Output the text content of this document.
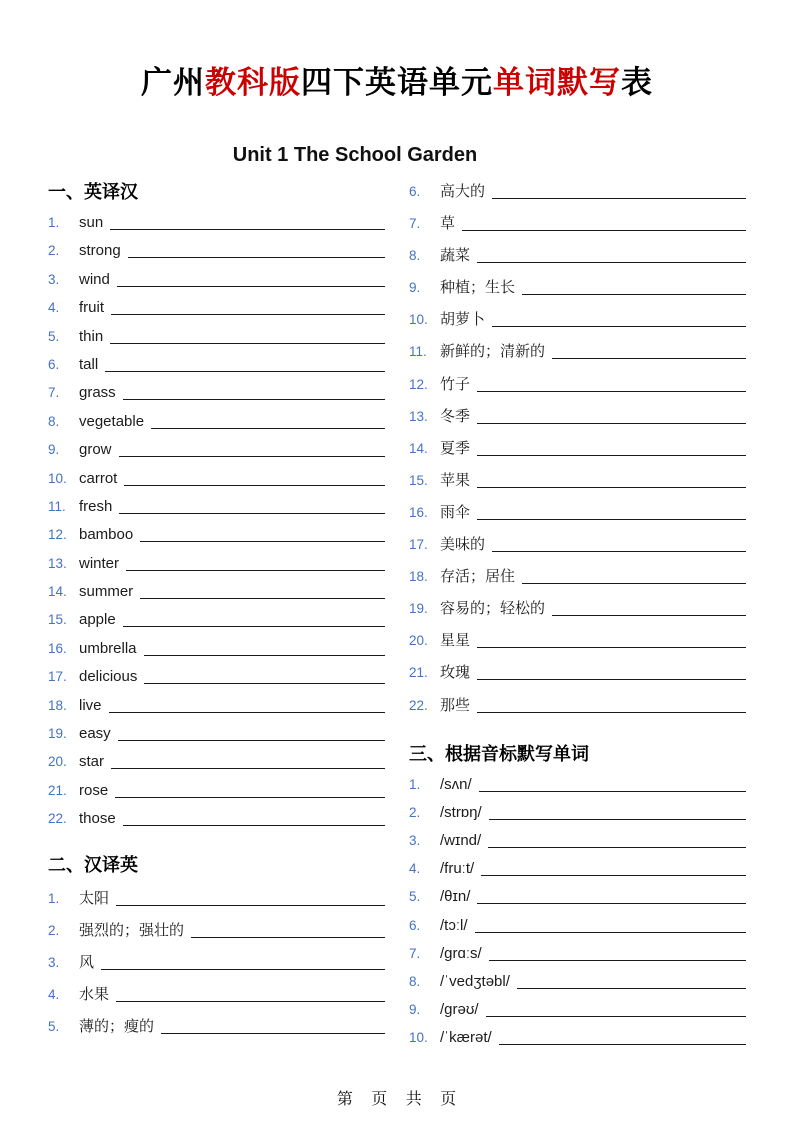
广州教科版四下英语单元单词默写表
Unit 1 The School Garden
一、英译汉
1.	sun
2.	strong
3.	wind
4.	fruit
5.	thin
6.	tall
7.	grass
8.	vegetable
9.	grow
10. carrot
11. fresh
12. bamboo
13. winter
14. summer
15. apple
16. umbrella
17. delicious
18. live
19. easy
20. star
21. rose
22. those
二、汉译英
1.	太阳
2.	强烈的；强壮的
3.	风
4.	水果
5.	薄的；瘦的
6.	高大的
7.	草
8.	蔬菜
9.	种植；生长
10. 胡萝卜
11. 新鲜的；清新的
12. 竹子
13. 冬季
14. 夏季
15. 苹果
16. 雨伞
17. 美味的
18. 存活；居住
19. 容易的；轻松的
20. 星星
21. 玫瑰
22. 那些
三、根据音标默写单词
1.	/sʌn/
2.	/strɒŋ/
3.	/wɪnd/
4.	/fruːt/
5.	/θɪn/
6.	/tɔːl/
7.	/ɡrɑːs/
8.	/ˈvedʒtəbl/
9.	/ɡrəʊ/
10. /ˈkærət/
第 页 共 页
